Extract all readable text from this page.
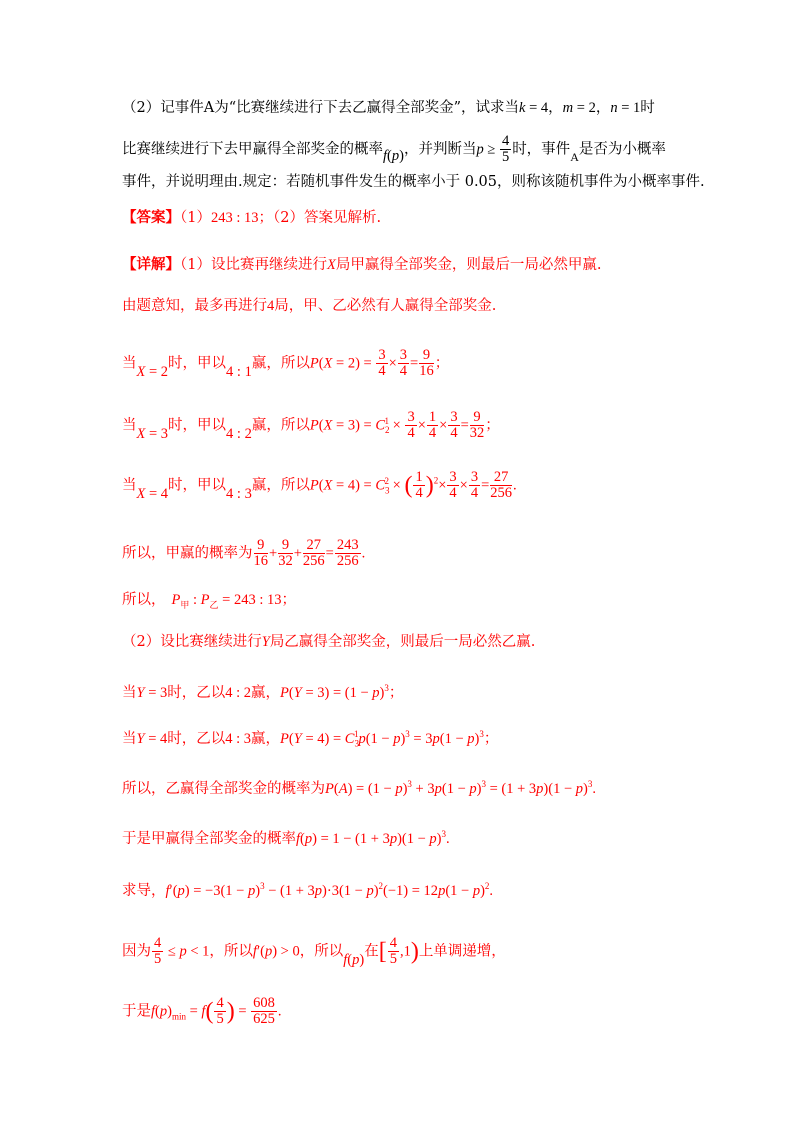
（2）记事件A为“比赛继续进行下去乙赢得全部奖金”，试求当k = 4，m = 2，n = 1时
比赛继续进行下去甲赢得全部奖金的概率f(p)，并判断当$p \ge \frac{4}{5}$ 时，事件$_A$是否为小概率
事件，并说明理由.规定：若随机事件发生的概率小于 0.05，则称该随机事件为小概率事件.
【答案】（1）243 : 13；（2）答案见解析.
【详解】（1）设比赛再继续进行X局甲赢得全部奖金，则最后一局必然甲赢.
由题意知，最多再进行4局，甲、乙必然有人赢得全部奖金.
当X = 2时，甲以4 : 1赢，所以$P(X = 2) = \frac{3}{4} \times \frac{3}{4} = \frac{9}{16}$ ；
当X = 3时，甲以4 : 2赢，所以$P(X = 3) = C_2^1 \times \frac{3}{4} \times \frac{1}{4} \times \frac{3}{4} = \frac{9}{32}$ ；
当X = 4时，甲以4 : 3赢，所以$P(X = 4) = C_3^2$ × ( $\frac{1}{4} )^2\times \frac{3}{4} \times \frac{3}{4} = \frac{27}{256}$ .
所以，甲赢的概率为 $\frac{9}{16} + \frac{9}{32} + \frac{27}{256} = \frac{243}{256}$ .
所以， $P_甲$ : $P_乙 = 243$ : 13；
（2）设比赛继续进行Y局乙赢得全部奖金，则最后一局必然乙赢.
当Y = 3时，乙以4 : 2赢，$P(Y = 3) = (1 - p)^3$；
当Y = 4时，乙以4 : 3赢，$P(Y = 4) = C_3^1p(1 - p)^3 = 3p(1 - p)^3$；
所以，乙赢得全部奖金的概率为$P(A) = (1 - p)^3 + 3p(1 - p)^3 = (1 + 3p)(1 - p)^3$.
于是甲赢得全部奖金的概率$f(p) = 1 - (1 + 3p)(1 - p)^3$.
求导，$f'(p) = -3(1 - p)^3 - (1 + 3p)\cdot 3(1 - p)^2(-1) = 12p(1 - p)^2$.
因为 $\frac{4}{5} \le p < 1$，所以f′(p) > 0，所以f(p)在[ $\frac{4}{5} ,1$)上单调递增，
于是$f(p)_{min} = f( \frac{4}{5}$ ) = $\frac{608}{625}$ .
